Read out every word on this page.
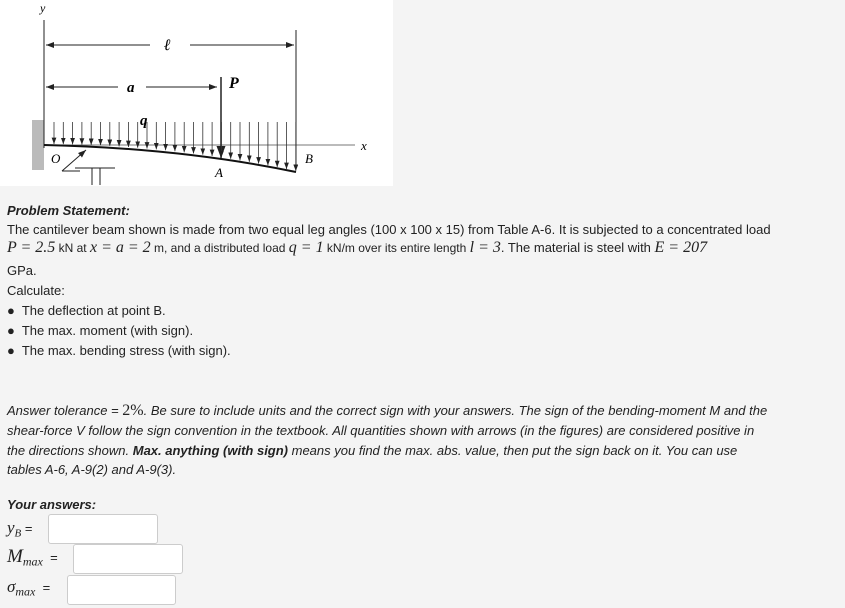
y
x
ℓ
a	P
q
O
A
B
Problem Statement:
The cantilever beam shown is made from two equal leg angles (100 x 100 x 15) from Table A-6. It is subjected to a concentrated load
P = 2.5 kN at x = a = 2 m, and a distributed load q = 1 kN/m over its entire length l = 3. The material is steel with E = 207
GPa.
Calculate:
●  The deflection at point B.
●  The max. moment (with sign).
●  The max. bending stress (with sign).
Answer tolerance = 2%. Be sure to include units and the correct sign with your answers. The sign of the bending-moment M and the
shear-force V follow the sign convention in the textbook. All quantities shown with arrows (in the figures) are considered positive in
the directions shown. Max. anything (with sign) means you find the max. abs. value, then put the sign back on it. You can use
tables A-6, A-9(2) and A-9(3).
Your answers:
$y_B$ =
$M_{max}$ =
$\sigma_{max}$ =
